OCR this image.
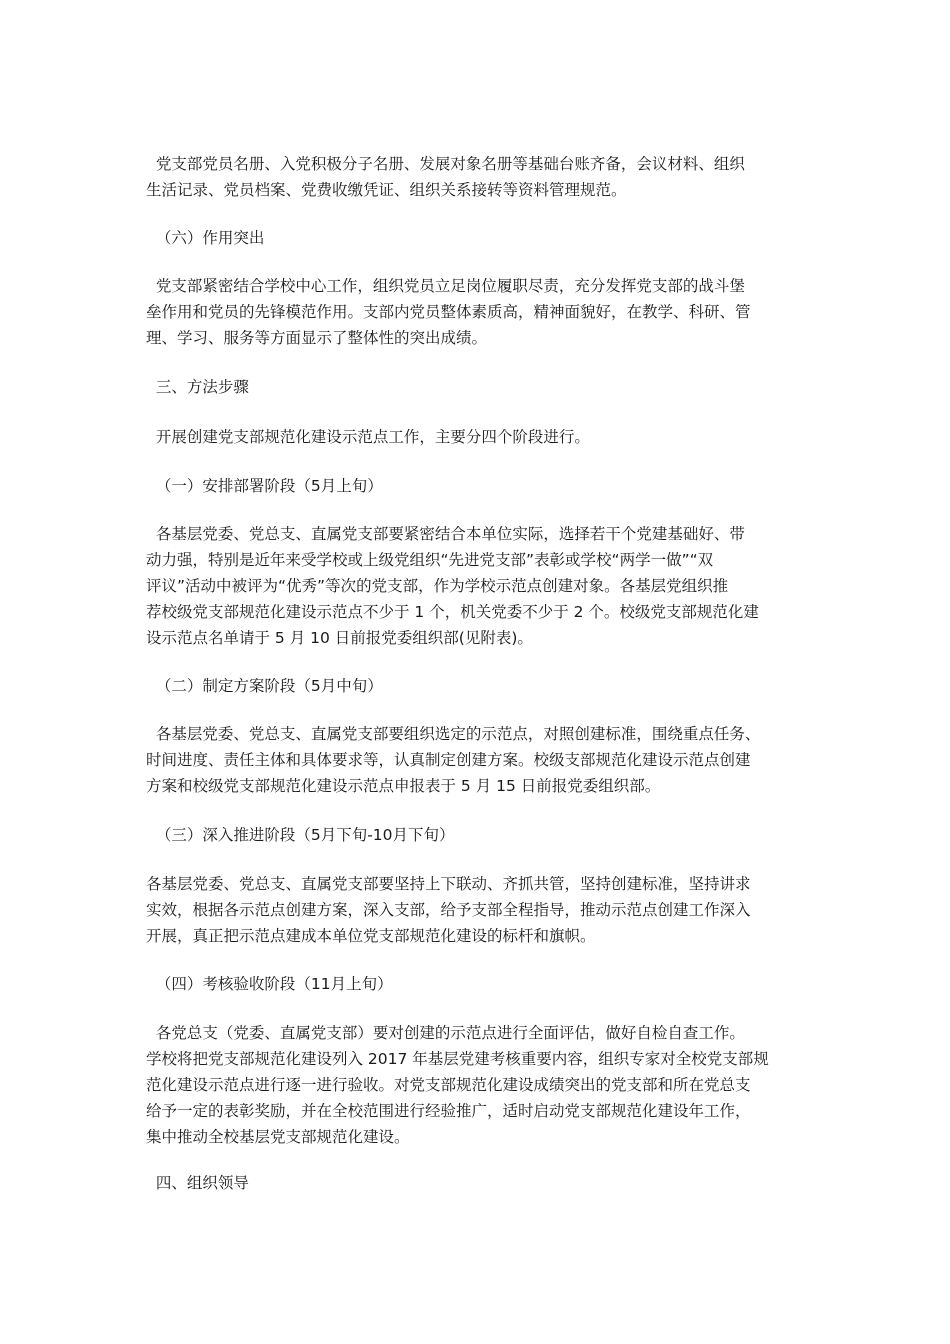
党支部党员名册、入党积极分子名册、发展对象名册等基础台账齐备，会议材料、组织
生活记录、党员档案、党费收缴凭证、组织关系接转等资料管理规范。
（六）作用突出
党支部紧密结合学校中心工作，组织党员立足岗位履职尽责，充分发挥党支部的战斗堡
垒作用和党员的先锋模范作用。支部内党员整体素质高，精神面貌好，在教学、科研、管
理、学习、服务等方面显示了整体性的突出成绩。
三、方法步骤
开展创建党支部规范化建设示范点工作，主要分四个阶段进行。
（一）安排部署阶段（5月上旬）
各基层党委、党总支、直属党支部要紧密结合本单位实际，选择若干个党建基础好、带
动力强，特别是近年来受学校或上级党组织“先进党支部”表彰或学校“两学一做”“双
评议”活动中被评为“优秀”等次的党支部，作为学校示范点创建对象。各基层党组织推
荐校级党支部规范化建设示范点不少于 1 个，机关党委不少于 2 个。校级党支部规范化建
设示范点名单请于 5 月 10 日前报党委组织部(见附表)。
（二）制定方案阶段（5月中旬）
各基层党委、党总支、直属党支部要组织选定的示范点，对照创建标准，围绕重点任务、
时间进度、责任主体和具体要求等，认真制定创建方案。校级支部规范化建设示范点创建
方案和校级党支部规范化建设示范点申报表于 5 月 15 日前报党委组织部。
（三）深入推进阶段（5月下旬-10月下旬）
各基层党委、党总支、直属党支部要坚持上下联动、齐抓共管，坚持创建标准，坚持讲求
实效，根据各示范点创建方案，深入支部，给予支部全程指导，推动示范点创建工作深入
开展，真正把示范点建成本单位党支部规范化建设的标杆和旗帜。
（四）考核验收阶段（11月上旬）
各党总支（党委、直属党支部）要对创建的示范点进行全面评估，做好自检自查工作。
学校将把党支部规范化建设列入 2017 年基层党建考核重要内容，组织专家对全校党支部规
范化建设示范点进行逐一进行验收。对党支部规范化建设成绩突出的党支部和所在党总支
给予一定的表彰奖励，并在全校范围进行经验推广，适时启动党支部规范化建设年工作，
集中推动全校基层党支部规范化建设。
四、组织领导
